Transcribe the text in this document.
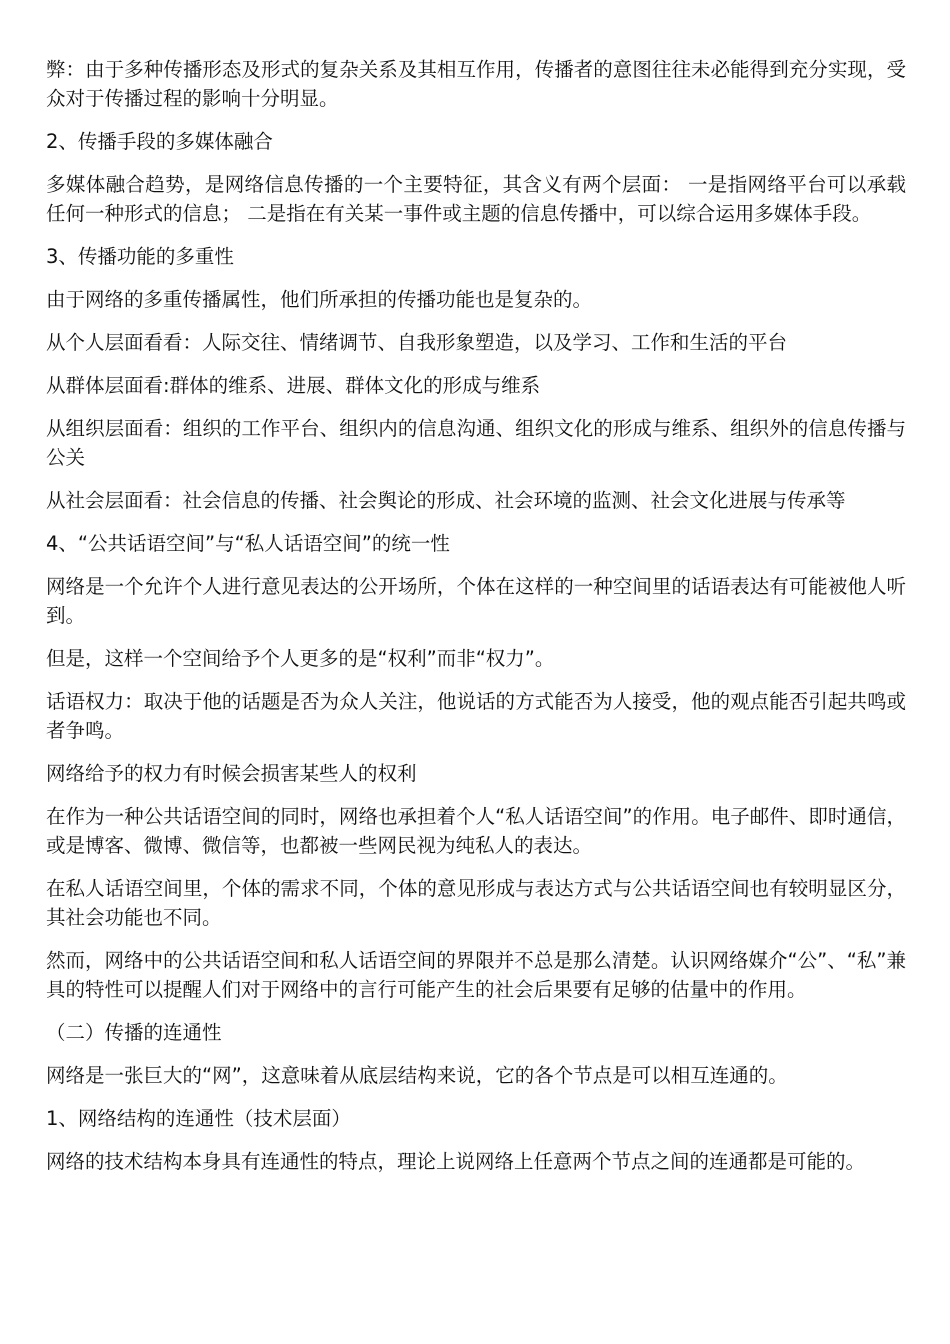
弊：由于多种传播形态及形式的复杂关系及其相互作用，传播者的意图往往未必能得到充分实现，受众对于传播过程的影响十分明显。

2、传播手段的多媒体融合

多媒体融合趋势，是网络信息传播的一个主要特征，其含义有两个层面： 一是指网络平台可以承载任何一种形式的信息； 二是指在有关某一事件或主题的信息传播中，可以综合运用多媒体手段。

3、传播功能的多重性

由于网络的多重传播属性，他们所承担的传播功能也是复杂的。

从个人层面看看：人际交往、情绪调节、自我形象塑造，以及学习、工作和生活的平台

从群体层面看:群体的维系、进展、群体文化的形成与维系

从组织层面看：组织的工作平台、组织内的信息沟通、组织文化的形成与维系、组织外的信息传播与公关

从社会层面看：社会信息的传播、社会舆论的形成、社会环境的监测、社会文化进展与传承等

4、“公共话语空间”与“私人话语空间”的统一性

网络是一个允许个人进行意见表达的公开场所，个体在这样的一种空间里的话语表达有可能被他人听到。

但是，这样一个空间给予个人更多的是“权利”而非“权力”。

话语权力：取决于他的话题是否为众人关注，他说话的方式能否为人接受，他的观点能否引起共鸣或者争鸣。

网络给予的权力有时候会损害某些人的权利

在作为一种公共话语空间的同时，网络也承担着个人“私人话语空间”的作用。电子邮件、即时通信，或是博客、微博、微信等，也都被一些网民视为纯私人的表达。

在私人话语空间里，个体的需求不同，个体的意见形成与表达方式与公共话语空间也有较明显区分，其社会功能也不同。

然而，网络中的公共话语空间和私人话语空间的界限并不总是那么清楚。认识网络媒介“公”、“私”兼具的特性可以提醒人们对于网络中的言行可能产生的社会后果要有足够的估量中的作用。

（二）传播的连通性

网络是一张巨大的“网”，这意味着从底层结构来说，它的各个节点是可以相互连通的。

1、网络结构的连通性（技术层面）

网络的技术结构本身具有连通性的特点，理论上说网络上任意两个节点之间的连通都是可能的。
